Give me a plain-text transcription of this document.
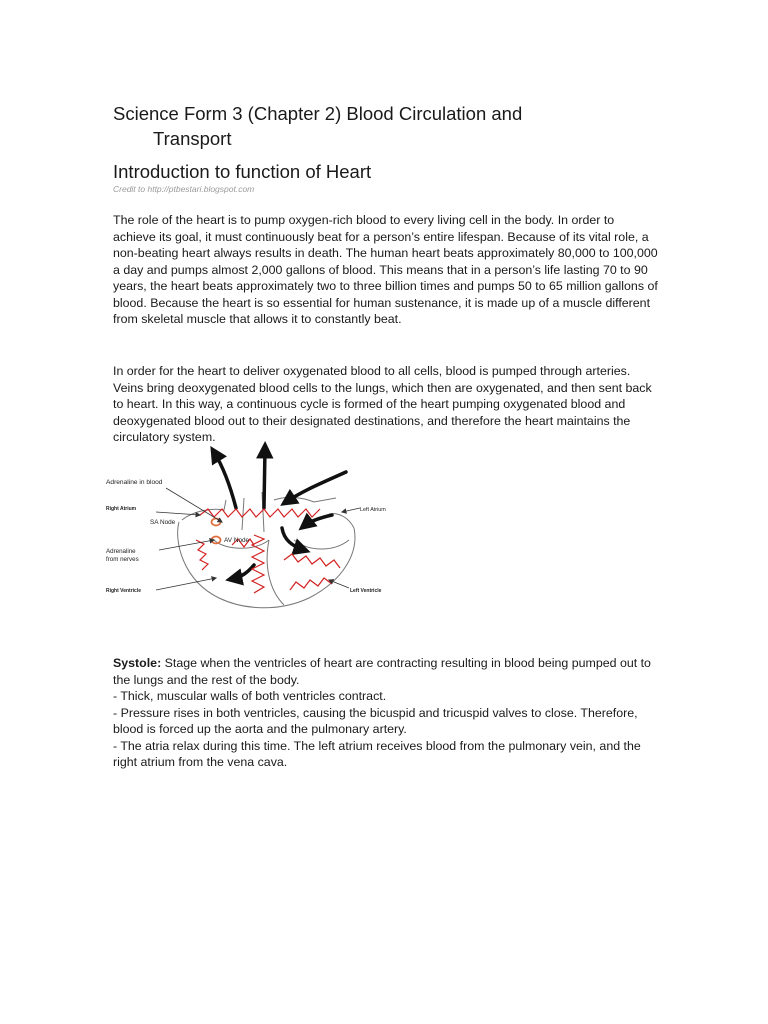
Science Form 3 (Chapter 2) Blood Circulation and
Transport
Introduction to function of Heart
Credit to http://ptbestari.blogspot.com

The role of the heart is to pump oxygen-rich blood to every living cell in the body. In order to achieve its goal, it must continuously beat for a person’s entire lifespan. Because of its vital role, a non-beating heart always results in death. The human heart beats approximately 80,000 to 100,000 a day and pumps almost 2,000 gallons of blood. This means that in a person’s life lasting 70 to 90 years, the heart beats approximately two to three billion times and pumps 50 to 65 million gallons of blood. Because the heart is so essential for human sustenance, it is made up of a muscle different from skeletal muscle that allows it to constantly beat.

In order for the heart to deliver oxygenated blood to all cells, blood is pumped through arteries. Veins bring deoxygenated blood cells to the lungs, which then are oxygenated, and then sent back to heart. In this way, a continuous cycle is formed of the heart pumping oxygenated blood and deoxygenated blood out to their designated destinations, and therefore the heart maintains the circulatory system.

Adrenaline in blood
Right Atrium
SA Node
AV Node
Adrenaline
from nerves
Right Ventricle
Left Atrium
Left Ventricle
Systole: Stage when the ventricles of heart are contracting resulting in blood being pumped out to the lungs and the rest of the body.
- Thick, muscular walls of both ventricles contract.
- Pressure rises in both ventricles, causing the bicuspid and tricuspid valves to close. Therefore, blood is forced up the aorta and the pulmonary artery.
- The atria relax during this time. The left atrium receives blood from the pulmonary vein, and the right atrium from the vena cava.
